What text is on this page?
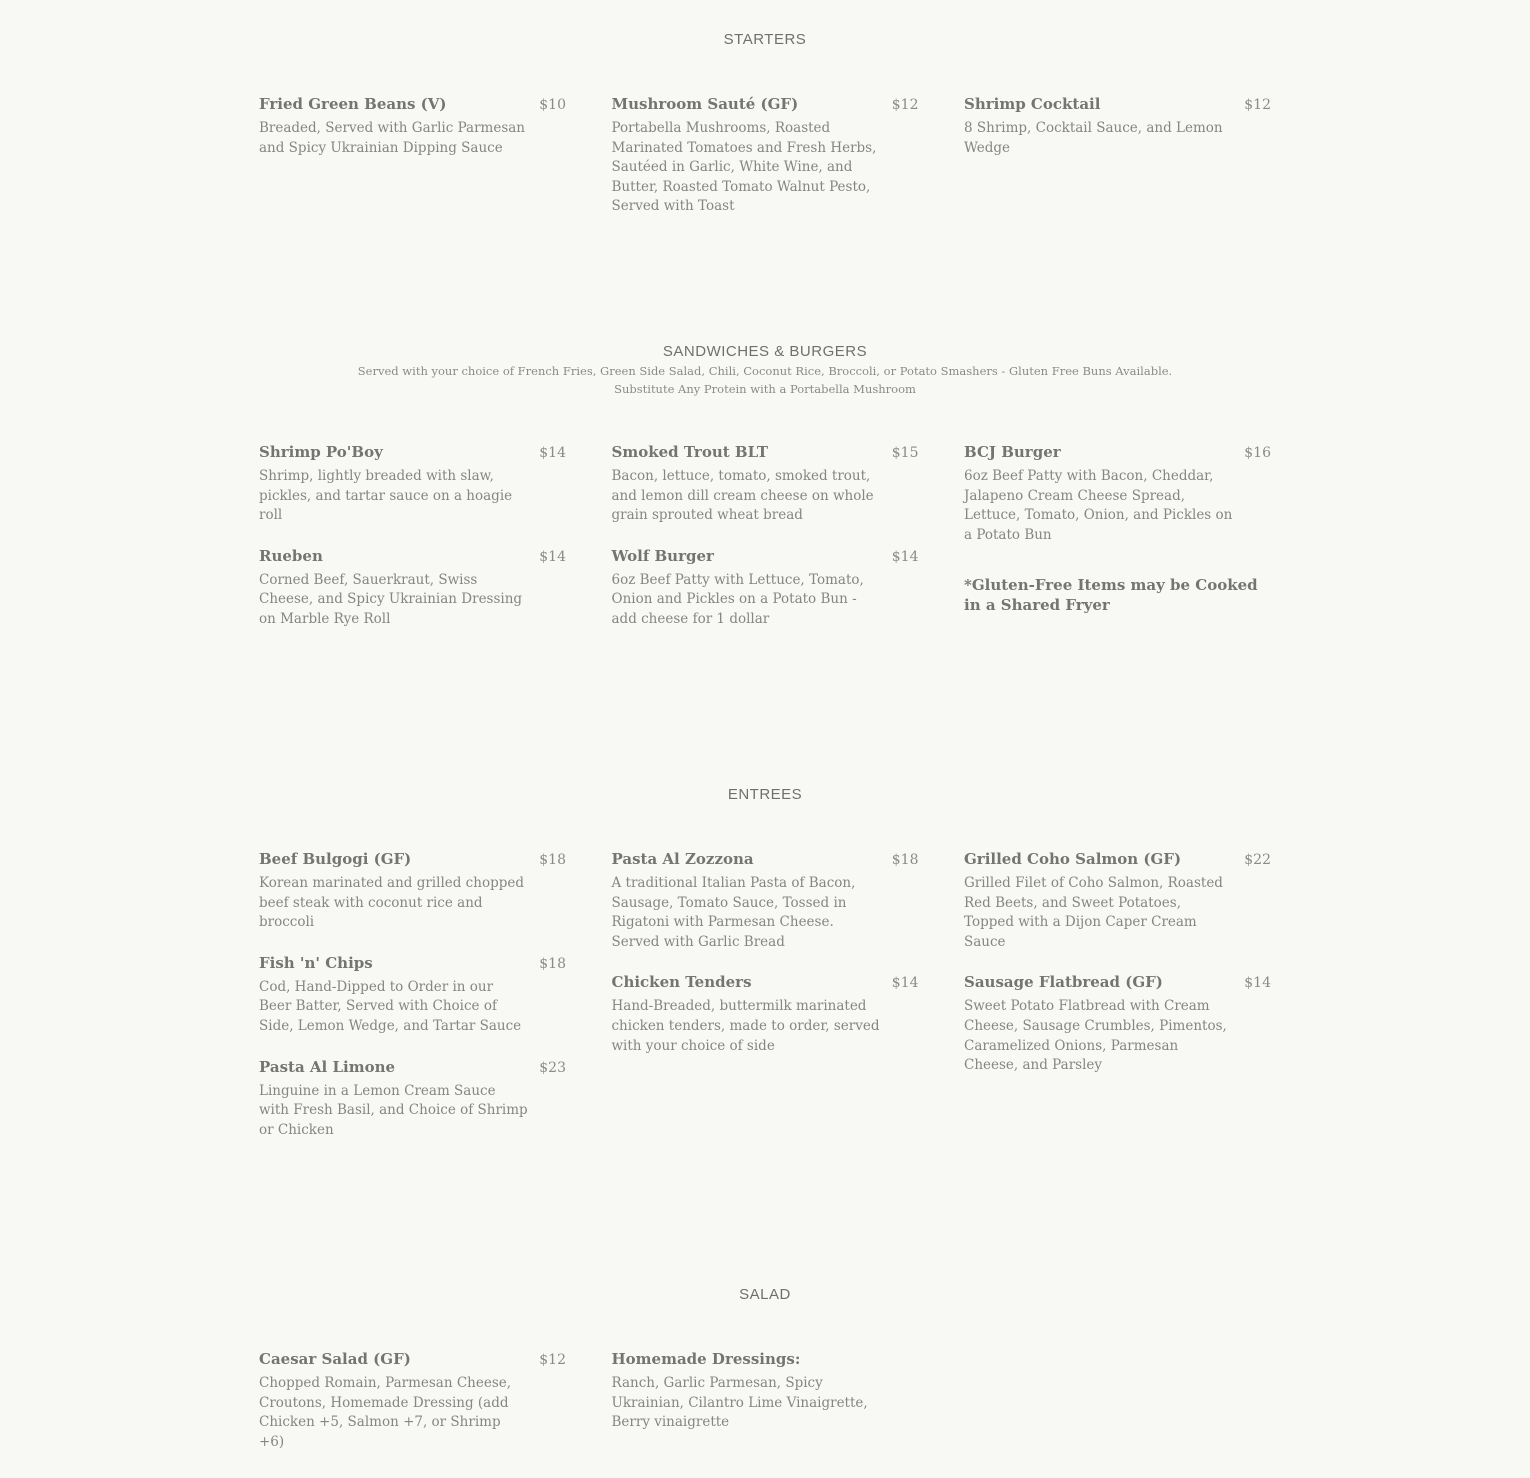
STARTERS
Fried Green Beans (V)	$10
Breaded, Served with Garlic Parmesan and Spicy Ukrainian Dipping Sauce
Mushroom Sauté (GF)	$12
Portabella Mushrooms, Roasted Marinated Tomatoes and Fresh Herbs, Sautéed in Garlic, White Wine, and Butter, Roasted Tomato Walnut Pesto, Served with Toast
Shrimp Cocktail	$12
8 Shrimp, Cocktail Sauce, and Lemon Wedge
SANDWICHES & BURGERS

Served with your choice of French Fries, Green Side Salad, Chili, Coconut Rice, Broccoli, or Potato Smashers - Gluten Free Buns Available.

Substitute Any Protein with a Portabella Mushroom

Shrimp Po'Boy	$14
Shrimp, lightly breaded with slaw, pickles, and tartar sauce on a hoagie roll
Rueben	$14
Corned Beef, Sauerkraut, Swiss Cheese, and Spicy Ukrainian Dressing on Marble Rye Roll
Smoked Trout BLT	$15
Bacon, lettuce, tomato, smoked trout, and lemon dill cream cheese on whole grain sprouted wheat bread
Wolf Burger	$14
6oz Beef Patty with Lettuce, Tomato, Onion and Pickles on a Potato Bun - add cheese for 1 dollar
BCJ Burger	$16
6oz Beef Patty with Bacon, Cheddar, Jalapeno Cream Cheese Spread, Lettuce, Tomato, Onion, and Pickles on a Potato Bun
*Gluten-Free Items may be Cooked in a Shared Fryer
ENTREES
Beef Bulgogi (GF)	$18
Korean marinated and grilled chopped beef steak with coconut rice and broccoli
Fish 'n' Chips	$18
Cod, Hand-Dipped to Order in our Beer Batter, Served with Choice of Side, Lemon Wedge, and Tartar Sauce
Pasta Al Limone	$23
Linguine in a Lemon Cream Sauce with Fresh Basil, and Choice of Shrimp or Chicken
Pasta Al Zozzona	$18
A traditional Italian Pasta of Bacon, Sausage, Tomato Sauce, Tossed in Rigatoni with Parmesan Cheese. Served with Garlic Bread
Chicken Tenders	$14
Hand-Breaded, buttermilk marinated chicken tenders, made to order, served with your choice of side
Grilled Coho Salmon (GF)	$22
Grilled Filet of Coho Salmon, Roasted Red Beets, and Sweet Potatoes, Topped with a Dijon Caper Cream Sauce
Sausage Flatbread (GF)	$14
Sweet Potato Flatbread with Cream Cheese, Sausage Crumbles, Pimentos, Caramelized Onions, Parmesan Cheese, and Parsley
SALAD
Caesar Salad (GF)	$12
Chopped Romain, Parmesan Cheese, Croutons, Homemade Dressing (add Chicken +5, Salmon +7, or Shrimp +6)
Homemade Dressings:
Ranch, Garlic Parmesan, Spicy Ukrainian, Cilantro Lime Vinaigrette, Berry vinaigrette
